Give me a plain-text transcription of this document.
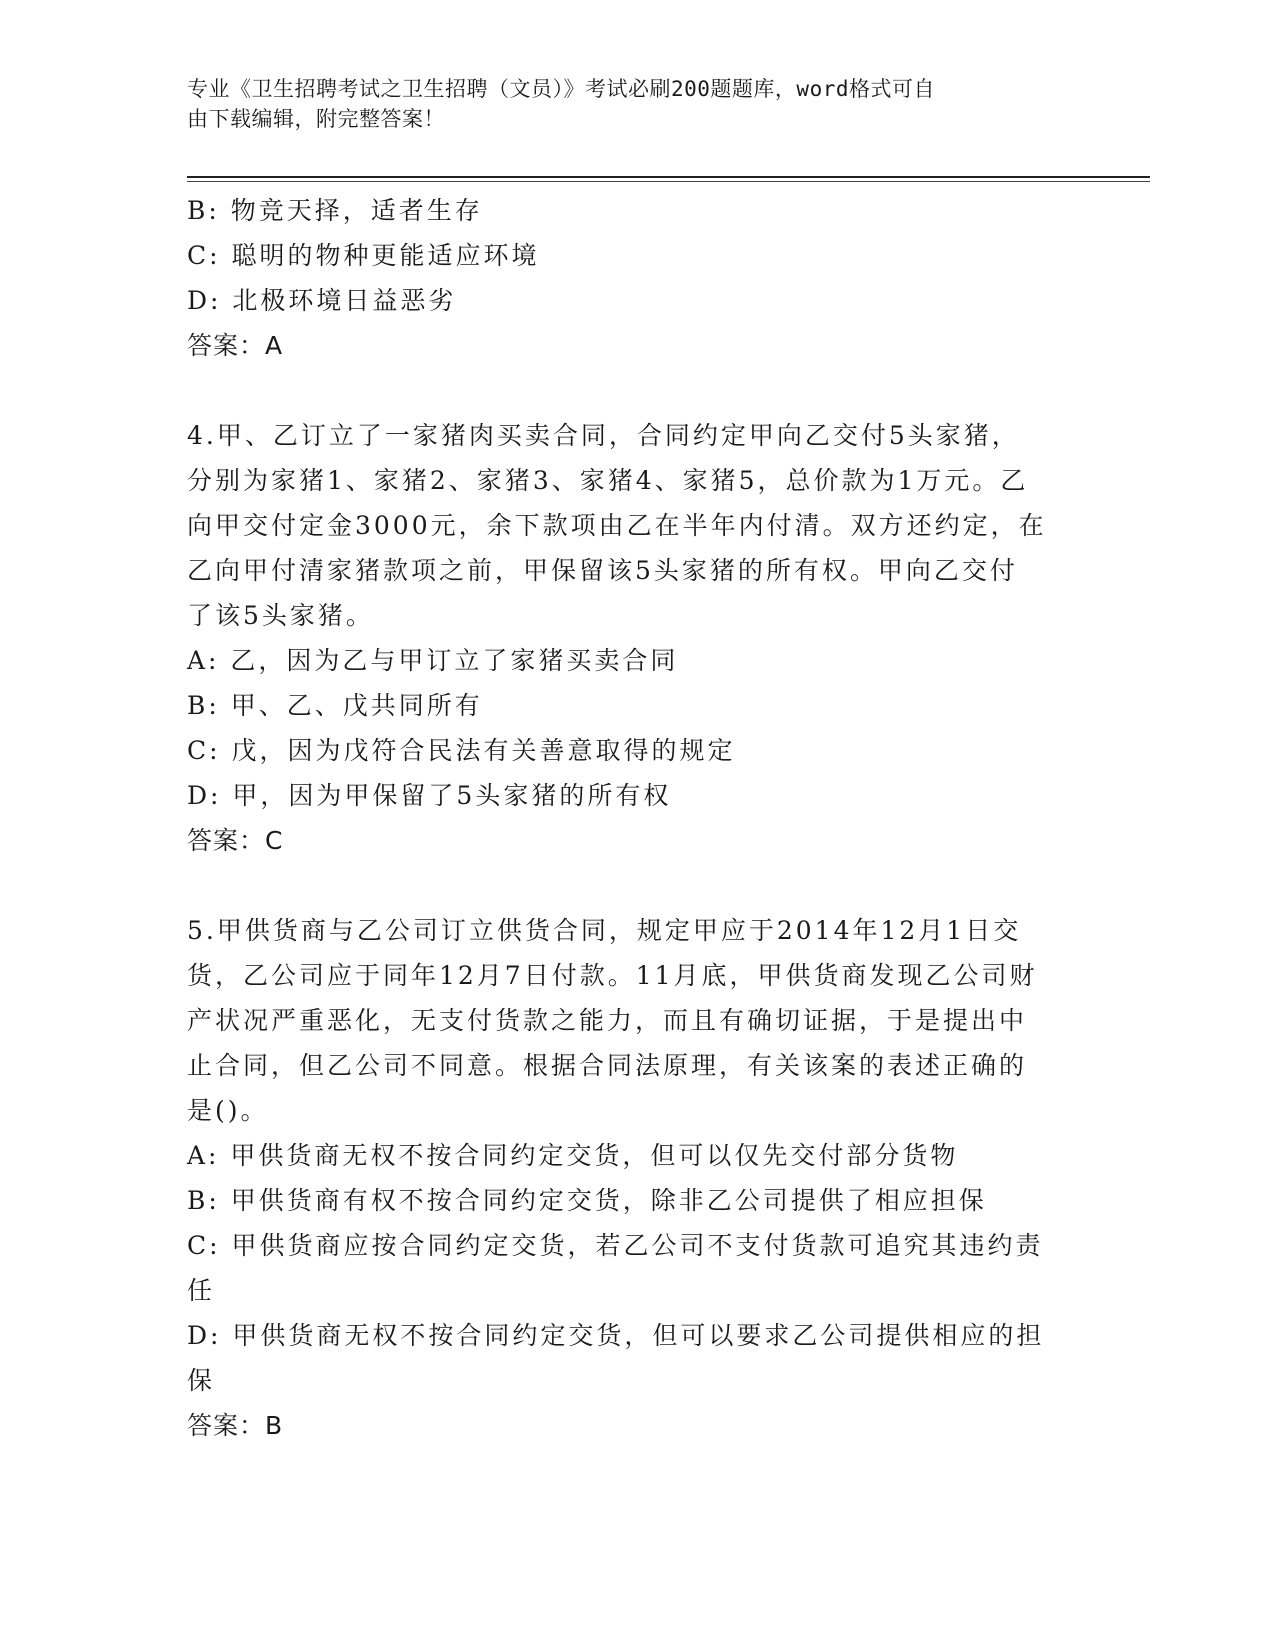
专业《卫生招聘考试之卫生招聘（文员）》考试必刷200题题库，word格式可自
由下载编辑，附完整答案！
B: 物竞天择，适者生存
C: 聪明的物种更能适应环境
D: 北极环境日益恶劣
答案：A
4.甲、乙订立了一家猪肉买卖合同，合同约定甲向乙交付5头家猪，
分别为家猪1、家猪2、家猪3、家猪4、家猪5，总价款为1万元。乙
向甲交付定金3000元，余下款项由乙在半年内付清。双方还约定，在
乙向甲付清家猪款项之前，甲保留该5头家猪的所有权。甲向乙交付
了该5头家猪。
A: 乙，因为乙与甲订立了家猪买卖合同
B: 甲、乙、戊共同所有
C: 戊，因为戊符合民法有关善意取得的规定
D: 甲，因为甲保留了5头家猪的所有权
答案：C
5.甲供货商与乙公司订立供货合同，规定甲应于2014年12月1日交
货，乙公司应于同年12月7日付款。11月底，甲供货商发现乙公司财
产状况严重恶化，无支付货款之能力，而且有确切证据，于是提出中
止合同，但乙公司不同意。根据合同法原理，有关该案的表述正确的
是()。
A: 甲供货商无权不按合同约定交货，但可以仅先交付部分货物
B: 甲供货商有权不按合同约定交货，除非乙公司提供了相应担保
C: 甲供货商应按合同约定交货，若乙公司不支付货款可追究其违约责
任
D: 甲供货商无权不按合同约定交货，但可以要求乙公司提供相应的担
保
答案：B
